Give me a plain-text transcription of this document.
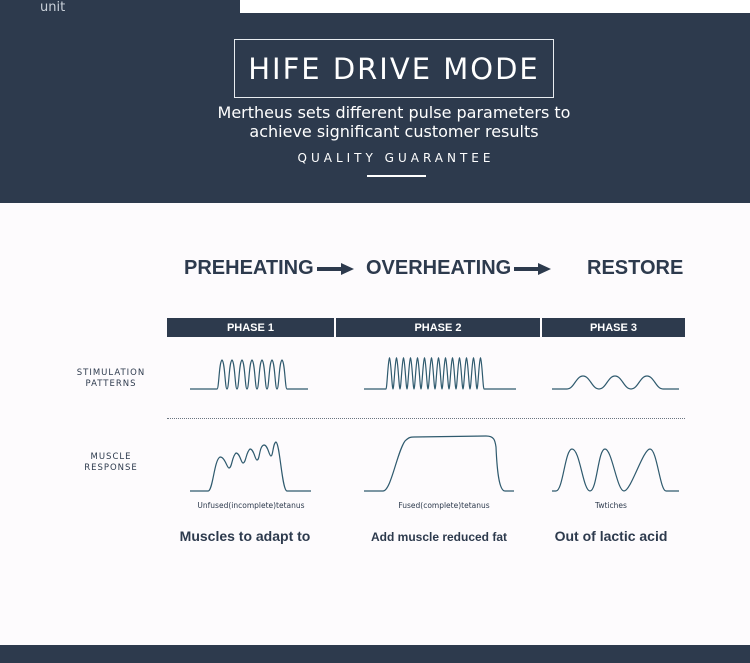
unit
HIFE DRIVE MODE
Mertheus sets different pulse parameters to
achieve significant customer results
QUALITY GUARANTEE
PREHEATING	OVERHEATING	RESTORE
PHASE 1	PHASE 2	PHASE 3
STIMULATION
PATTERNS
MUSCLE
RESPONSE
Unfused(incomplete)tetanus	Fused(complete)tetanus	Twtiches
Muscles to adapt to	Add muscle reduced fat	Out of lactic acid
